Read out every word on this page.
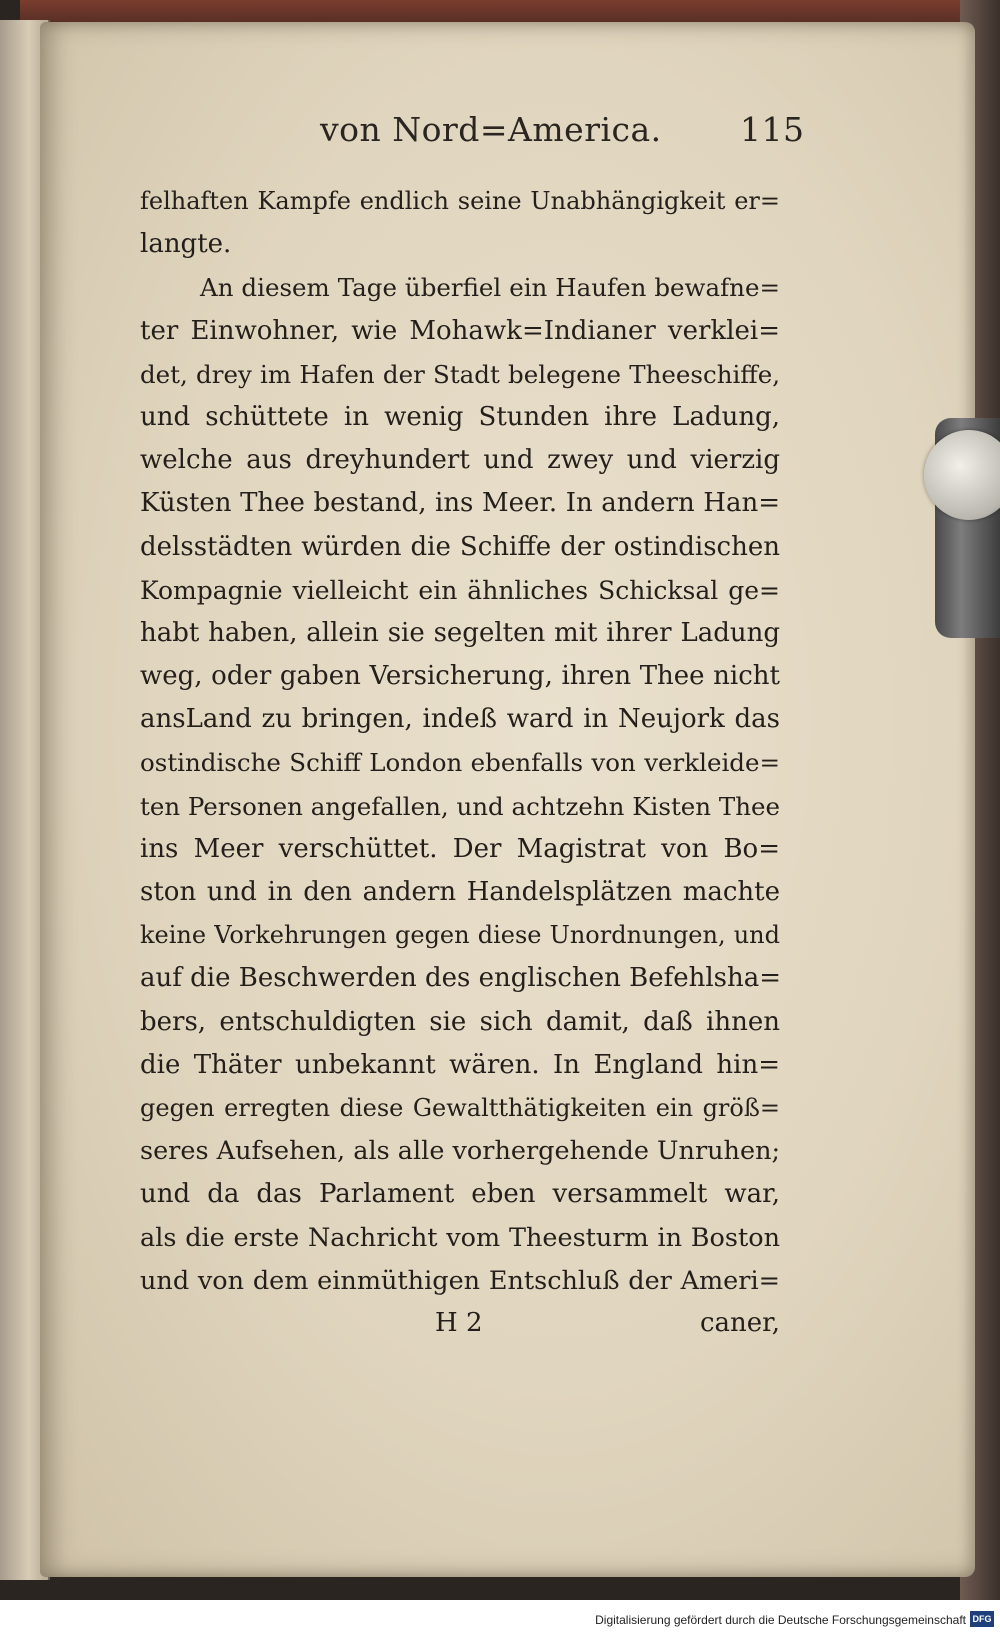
von Nord=America. 115
felhaften Kampfe endlich seine Unabhängigkeit er=
langte.
An diesem Tage überfiel ein Haufen bewafne=
ter Einwohner, wie Mohawk=Indianer verklei=
det, drey im Hafen der Stadt belegene Theeschiffe,
und schüttete in wenig Stunden ihre Ladung,
welche aus dreyhundert und zwey und vierzig
Küsten Thee bestand, ins Meer. In andern Han=
delsstädten würden die Schiffe der ostindischen
Kompagnie vielleicht ein ähnliches Schicksal ge=
habt haben, allein sie segelten mit ihrer Ladung
weg, oder gaben Versicherung, ihren Thee nicht
ansLand zu bringen, indeß ward in Neujork das
ostindische Schiff London ebenfalls von verkleide=
ten Personen angefallen, und achtzehn Kisten Thee
ins Meer verschüttet. Der Magistrat von Bo=
ston und in den andern Handelsplätzen machte
keine Vorkehrungen gegen diese Unordnungen, und
auf die Beschwerden des englischen Befehlsha=
bers, entschuldigten sie sich damit, daß ihnen
die Thäter unbekannt wären. In England hin=
gegen erregten diese Gewaltthätigkeiten ein größ=
seres Aufsehen, als alle vorhergehende Unruhen;
und da das Parlament eben versammelt war,
als die erste Nachricht vom Theesturm in Boston
und von dem einmüthigen Entschluß der Ameri=
H 2	caner,
Digitalisierung gefördert durch die Deutsche Forschungsgemeinschaft DFG
